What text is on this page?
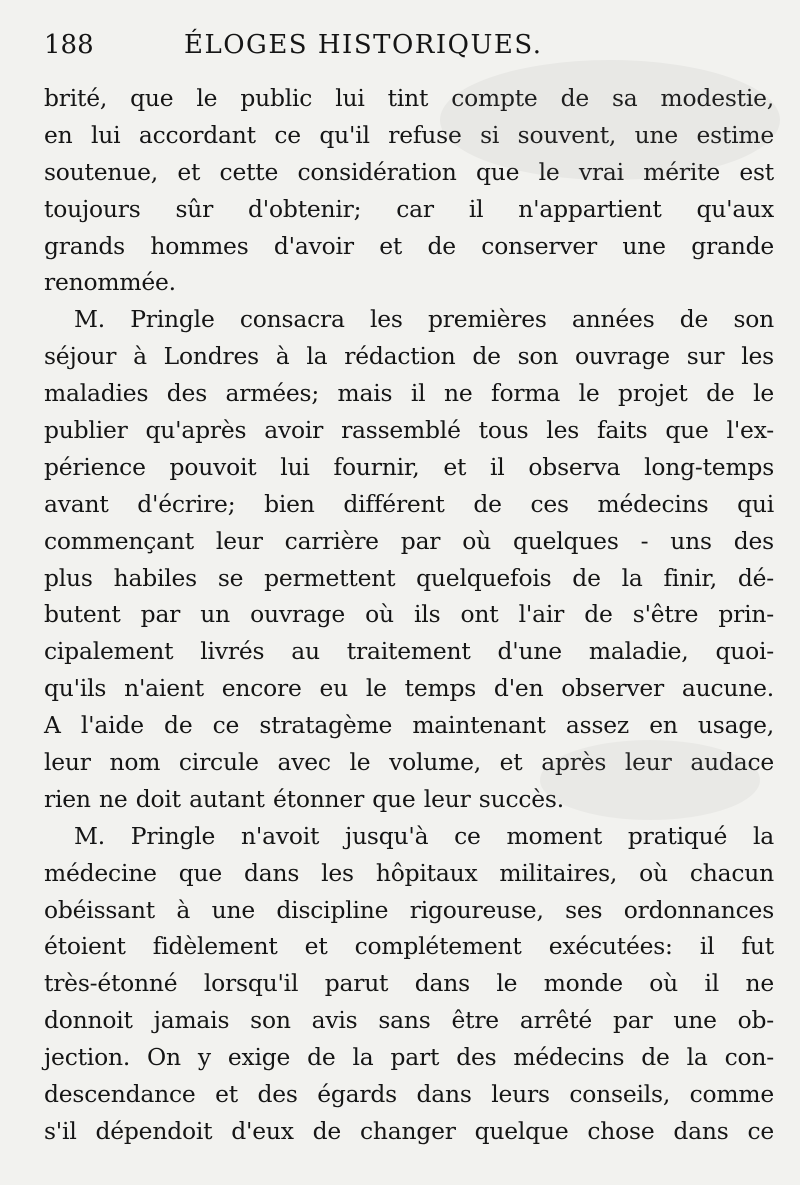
188	ÉLOGES HISTORIQUES.
brité, que le public lui tint compte de sa modestie,
en lui accordant ce qu'il refuse si souvent, une estime
soutenue, et cette considération que le vrai mérite est
toujours sûr d'obtenir; car il n'appartient qu'aux
grands hommes d'avoir et de conserver une grande
renommée.
M. Pringle consacra les premières années de son
séjour à Londres à la rédaction de son ouvrage sur les
maladies des armées; mais il ne forma le projet de le
publier qu'après avoir rassemblé tous les faits que l'ex-
périence pouvoit lui fournir, et il observa long-temps
avant d'écrire; bien différent de ces médecins qui
commençant leur carrière par où quelques - uns des
plus habiles se permettent quelquefois de la finir, dé-
butent par un ouvrage où ils ont l'air de s'être prin-
cipalement livrés au traitement d'une maladie, quoi-
qu'ils n'aient encore eu le temps d'en observer aucune.
A l'aide de ce stratagème maintenant assez en usage,
leur nom circule avec le volume, et après leur audace
rien ne doit autant étonner que leur succès.
M. Pringle n'avoit jusqu'à ce moment pratiqué la
médecine que dans les hôpitaux militaires, où chacun
obéissant à une discipline rigoureuse, ses ordonnances
étoient fidèlement et complétement exécutées: il fut
très-étonné lorsqu'il parut dans le monde où il ne
donnoit jamais son avis sans être arrêté par une ob-
jection. On y exige de la part des médecins de la con-
descendance et des égards dans leurs conseils, comme
s'il dépendoit d'eux de changer quelque chose dans ce
